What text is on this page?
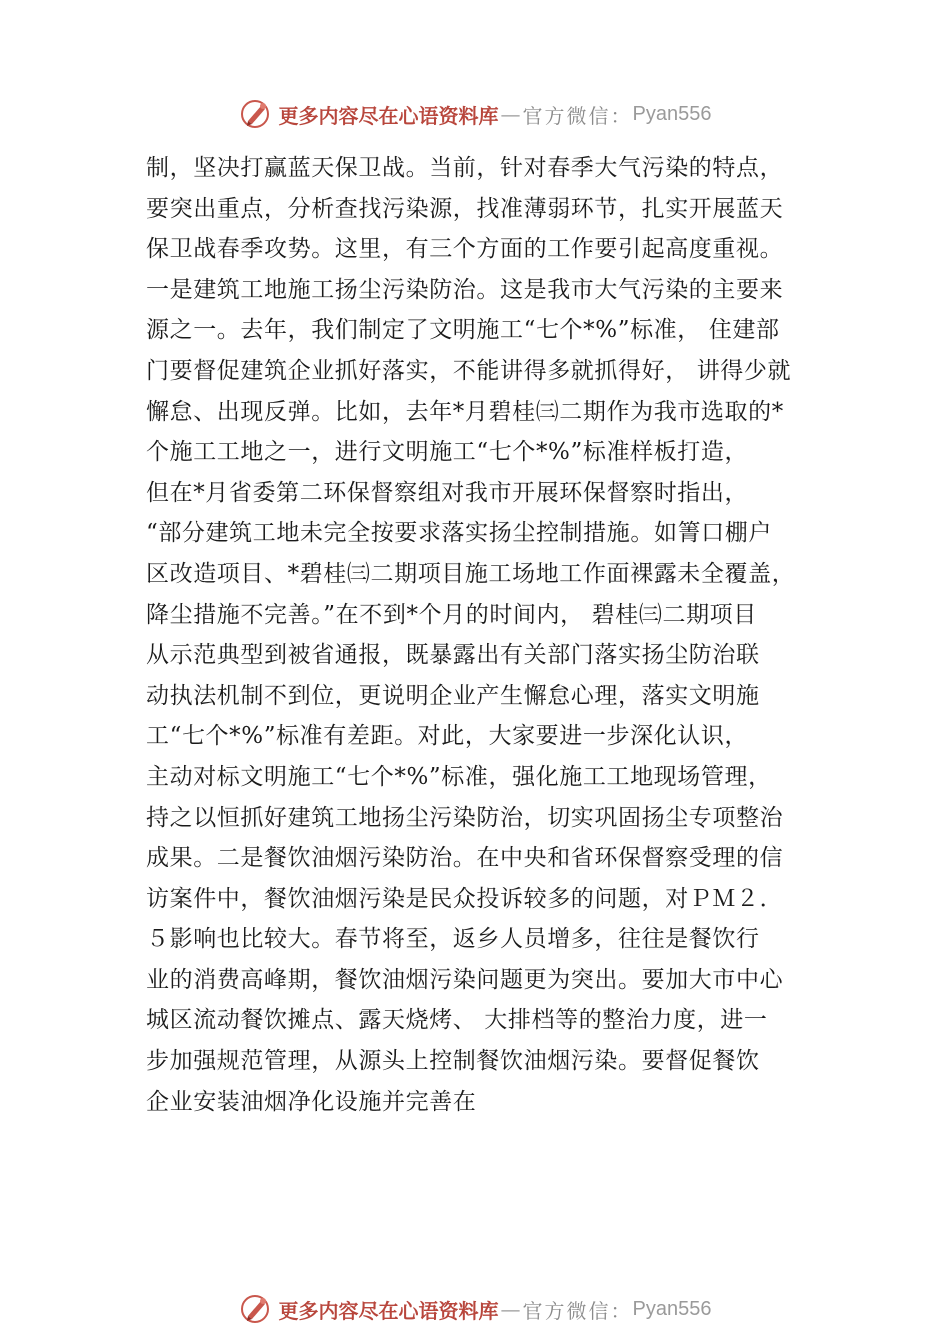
更多内容尽在心语资料库 — 官方微信： Pyan556
制，坚决打赢蓝天保卫战。当前，针对春季大气污染的特点，
要突出重点，分析查找污染源，找准薄弱环节，扎实开展蓝天
保卫战春季攻势。这里，有三个方面的工作要引起高度重视。
一是建筑工地施工扬尘污染防治。这是我市大气污染的主要来
源之一。去年，我们制定了文明施工“七个*%”标准， 住建部
门要督促建筑企业抓好落实，不能讲得多就抓得好， 讲得少就
懈怠、出现反弹。比如，去年*月碧桂㈢二期作为我市选取的*
个施工工地之一，进行文明施工“七个*%”标准样板打造，
但在*月省委第二环保督察组对我市开展环保督察时指出，
“部分建筑工地未完全按要求落实扬尘控制措施。如箐口棚户
区改造项目、*碧桂㈢二期项目施工场地工作面裸露未全覆盖，
降尘措施不完善。”在不到*个月的时间内， 碧桂㈢二期项目
从示范典型到被省通报，既暴露出有关部门落实扬尘防治联
动执法机制不到位，更说明企业产生懈怠心理，落实文明施
工“七个*%”标准有差距。对此，大家要进一步深化认识，
主动对标文明施工“七个*%”标准，强化施工工地现场管理，
持之以恒抓好建筑工地扬尘污染防治，切实巩固扬尘专项整治
成果。二是餐饮油烟污染防治。在中央和省环保督察受理的信
访案件中，餐饮油烟污染是民众投诉较多的问题，对ＰＭ２．
５影响也比较大。春节将至，返乡人员增多，往往是餐饮行
业的消费高峰期，餐饮油烟污染问题更为突出。要加大市中心
城区流动餐饮摊点、露天烧烤、 大排档等的整治力度，进一
步加强规范管理，从源头上控制餐饮油烟污染。要督促餐饮
企业安装油烟净化设施并完善在
更多内容尽在心语资料库 — 官方微信： Pyan556
